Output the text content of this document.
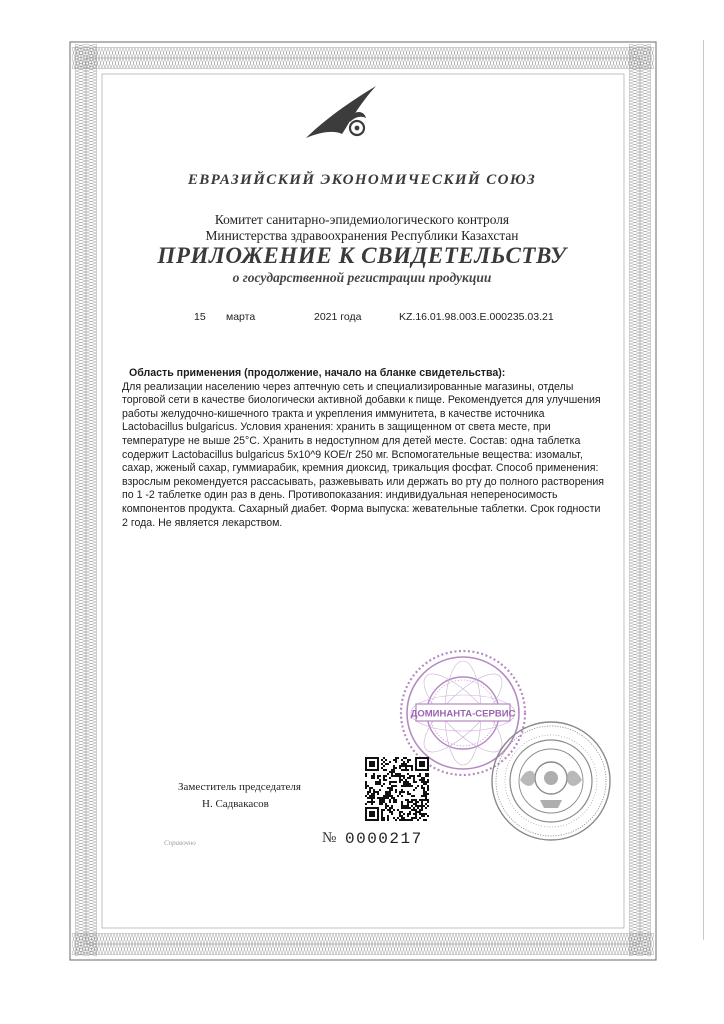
ЕВРАЗИЙСКИЙ ЭКОНОМИЧЕСКИЙ СОЮЗ
Комитет санитарно-эпидемиологического контроля
Министерства здравоохранения Республики Казахстан
ПРИЛОЖЕНИЕ К СВИДЕТЕЛЬСТВУ
о государственной регистрации продукции
15 марта	2021 года	KZ.16.01.98.003.E.000235.03.21
Область применения (продолжение, начало на бланке свидетельства):
Для реализации населению через аптечную сеть и специализированные магазины, отделы
торговой сети в качестве биологически активной добавки к пище. Рекомендуется для улучшения
работы желудочно-кишечного тракта и укрепления иммунитета, в качестве источника
Lactobacillus bulgaricus. Условия хранения: хранить в защищенном от света месте, при
температуре не выше 25°С. Хранить в недоступном для детей месте. Состав: одна таблетка
содержит Lactobacillus bulgaricus 5x10^9 КОЕ/г 250 мг. Вспомогательные вещества: изомальт,
сахар, жженый сахар, гуммиарабик, кремния диоксид, трикальция фосфат. Способ применения:
взрослым рекомендуется рассасывать, разжевывать или держать во рту до полного растворения
по 1 -2 таблетке один раз в день. Противопоказания: индивидуальная непереносимость
компонентов продукта. Сахарный диабет. Форма выпуска: жевательные таблетки. Срок годности
2 года. Не является лекарством.
ДОМИНАНТА-СЕРВИС
Заместитель председателя
Н. Садвакасов
Справочно	№ 0000217
